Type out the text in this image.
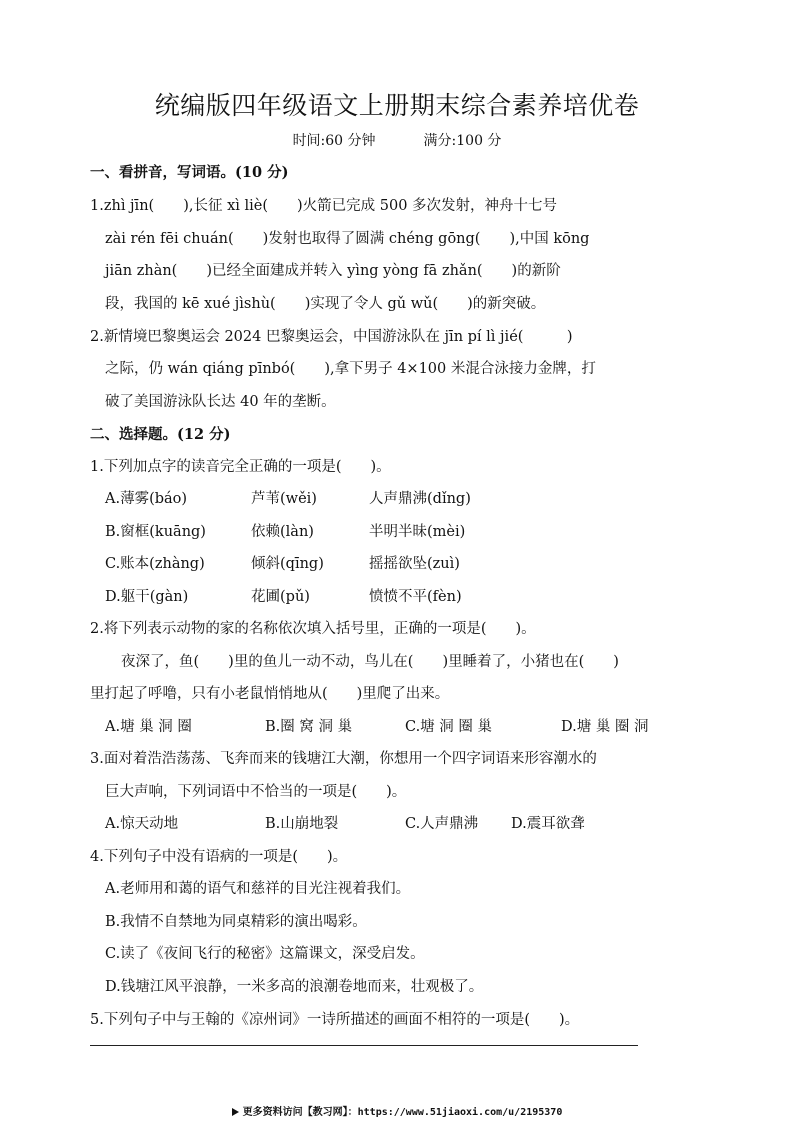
统编版四年级语文上册期末综合素养培优卷
时间:60 分钟	满分:100 分
一、看拼音，写词语。(10 分)
1.zhì jīn(　　),长征 xì liè(　　)火箭已完成 500 多次发射，神舟十七号
zài rén fēi chuán(　　)发射也取得了圆满 chéng gōng(　　),中国 kōng
jiān zhàn(　　)已经全面建成并转入 yìng yòng fā zhǎn(　　)的新阶
段，我国的 kē xué jìshù(　　)实现了令人 gǔ wǔ(　　)的新突破。
2.新情境巴黎奥运会 2024 巴黎奥运会，中国游泳队在 jīn pí lì jié(　　　)
之际，仍 wán qiáng pīnbó(　　),拿下男子 4×100 米混合泳接力金牌，打
破了美国游泳队长达 40 年的垄断。
二、选择题。(12 分)
1.下列加点字的读音完全正确的一项是(　　)。
A.薄雾(báo)	芦苇(wěi)	人声鼎沸(dǐng)
B.窗框(kuāng)	依赖(làn)	半明半昧(mèi)
C.账本(zhàng)	倾斜(qīng)	摇摇欲坠(zuì)
D.躯干(gàn)	花圃(pǔ)	愤愤不平(fèn)
2.将下列表示动物的家的名称依次填入括号里，正确的一项是(　　)。
夜深了，鱼(　　)里的鱼儿一动不动，鸟儿在(　　)里睡着了，小猪也在(　　)
里打起了呼噜，只有小老鼠悄悄地从(　　)里爬了出来。
A.塘 巢 洞 圈	B.圈 窝 洞 巢	C.塘 洞 圈 巢	D.塘 巢 圈 洞
3.面对着浩浩荡荡、飞奔而来的钱塘江大潮，你想用一个四字词语来形容潮水的
巨大声响，下列词语中不恰当的一项是(　　)。
A.惊天动地	B.山崩地裂	C.人声鼎沸 D.震耳欲聋
4.下列句子中没有语病的一项是(　　)。
A.老师用和蔼的语气和慈祥的目光注视着我们。
B.我情不自禁地为同桌精彩的演出喝彩。
C.读了《夜间飞行的秘密》这篇课文，深受启发。
D.钱塘江风平浪静，一米多高的浪潮卷地而来，壮观极了。
5.下列句子中与王翰的《凉州词》一诗所描述的画面不相符的一项是(　　)。
更多资料访问【教习网】：https://www.51jiaoxi.com/u/2195370
